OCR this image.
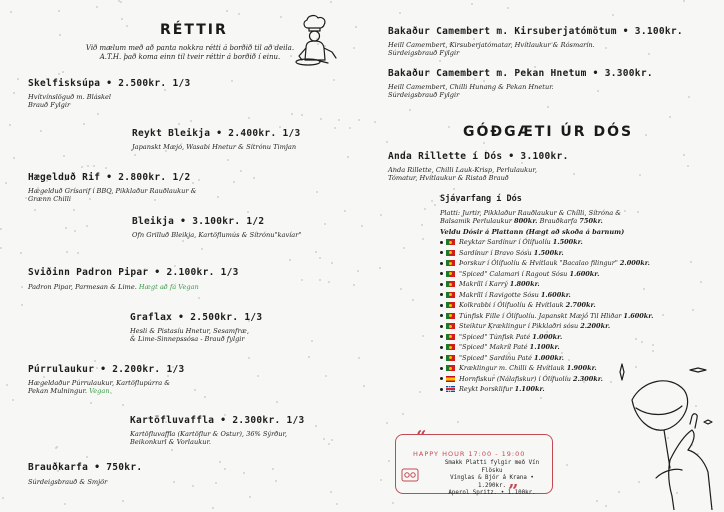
RÉTTIR
Við mælum með að panta nokkra rétti á borðið til að deila.
A.T.H. það koma einn til tveir réttir á borðið í einu.
Skelfisksúpa • 2.500kr. 1/3
Hvítvínslöguð m. Bláskel
Brauð Fylgir
Reykt Bleikja • 2.400kr. 1/3
Japanskt Mæjó, Wasabi Hnetur & Sítrónu Timjan
Hægelduð Rif • 2.800kr. 1/2
Hægelduð Grísarif í BBQ, Pikklaður Rauðlaukur &
Grænn Chilli
Bleikja • 3.100kr. 1/2
Ofn Grilluð Bleikja, Kartöflumús & Sítrónu"kavíar"
Sviðinn Padron Pipar • 2.100kr. 1/3
Padron Pipar, Parmesan & Lime. Hægt að fá Vegan
Graflax • 2.500kr. 1/3
Hesli & Pistasíu Hnetur, Sesamfræ,
& Lime-Sinnepssósa - Brauð fylgir
Púrrulaukur • 2.200kr. 1/3
Hægeldaður Púrrulaukur, Kartöflupúrra &
Pekan Mulningur. Vegan
Kartöfluvaffla • 2.300kr. 1/3
Kartöfluvaffla (Kartöflur & Ostur), 36% Sýrður,
Beikonkurl & Vorlaukur.
Brauðkarfa • 750kr.
Súrdeigsbrauð & Smjör
Bakaður Camembert m. Kirsuberjatómötum • 3.100kr.
Heill Camembert, Kirsuberjatómatar, Hvítlaukur & Rósmarín.
Súrdeigsbrauð Fylgir
Bakaður Camembert m. Pekan Hnetum • 3.300kr.
Heill Camembert, Chilli Hunang & Pekan Hnetur.
Súrdeigsbrauð Fylgir
GÓÐGÆTI ÚR DÓS
Anda Rillette í Dós • 3.100kr.
Anda Rillette, Chilli Lauk-Krisp, Perlulaukur,
Tómatur, Hvítlaukur & Ristað Brauð
Sjávarfang í Dós
Platti: Jurtir, Pikklaður Rauðlaukur & Chilli, Sítróna &
Balsamik Perlulaukur 800kr. Brauðkarfa 750kr.
Veldu Dósir á Plattann (Hægt að skoða á barnum)
Reyktar Sardínur í Ólífuolíu 1.500kr.
Sardínur í Bravo Sósu 1.500kr.
Þorskur í Ólífuolíu & Hvítlauk "Bacalao filingur" 2.000kr.
"Spiced" Calamari í Ragout Sósu 1.600kr.
Makríll í Karrý 1.800kr.
Makríll í Ravigotte Sósu 1.600kr.
Kolkrabbi í Ólífuolíu & Hvítlauk 2.700kr.
Túnfisk Fille í Ólífuolíu. Japanskt Mæjó Til Hliðar 1.600kr.
Steiktur Kræklingur í Pikklaðri sósu 2.200kr.
"Spiced" Túnfisk Paté 1.000kr.
"Spiced" Makríl Paté 1.100kr.
"Spiced" Sardínu Paté 1.000kr.
Kræklingur m. Chilli & Hvítlauk 1.900kr.
Hornfiskur (Nálafiskur) í Ólífuolíu 2.300kr.
Reykt Þorsklifur 1.100kr.
“
”
HAPPY HOUR 17:00 - 19:00
Smakk Platti fylgir með Vín Flösku
Vínglas & Bjór á Krana • 1.290kr.
Aperol Spritz. • 1.100kr.
